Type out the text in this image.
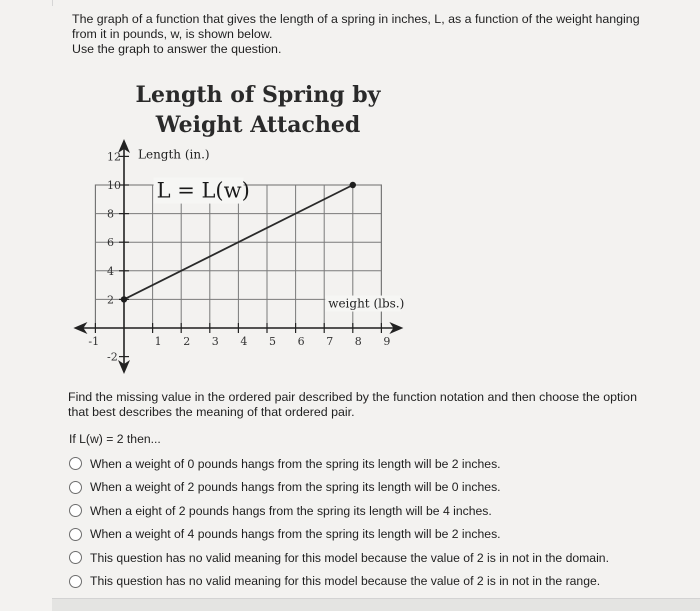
The graph of a function that gives the length of a spring in inches, L, as a function of the weight hanging

from it in pounds, w, is shown below.

Use the graph to answer the question.

Length of Spring by
Weight Attached
-1	1 2 3 4 5 6 7 8 9
12
10
8
6
4
2
-2
Length (in.)
weight (lbs.)
L = L(w)
Find the missing value in the ordered pair described by the function notation and then choose the option that best describes the meaning of that ordered pair.
If L(w) = 2 then...
When a weight of 0 pounds hangs from the spring its length will be 2 inches.
When a weight of 2 pounds hangs from the spring its length will be 0 inches.
When a eight of 2 pounds hangs from the spring its length will be 4 inches.
When a weight of 4 pounds hangs from the spring its length will be 2 inches.
This question has no valid meaning for this model because the value of 2 is in not in the domain.
This question has no valid meaning for this model because the value of 2 is in not in the range.
